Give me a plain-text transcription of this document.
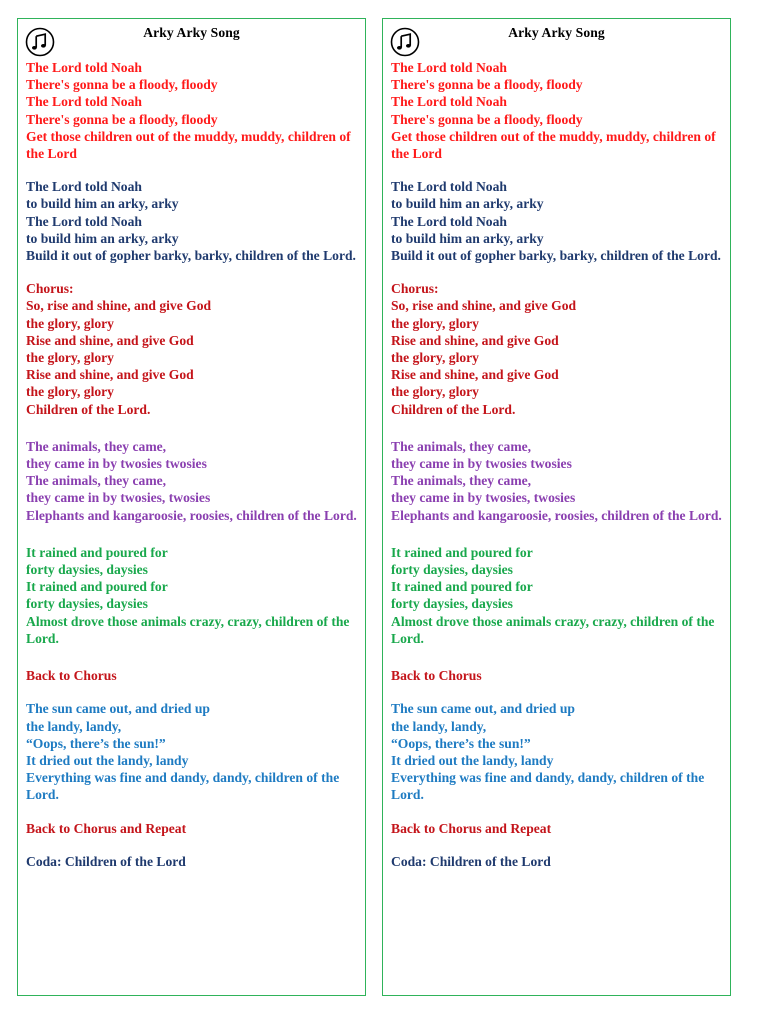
Arky Arky Song
The Lord told Noah
There's gonna be a floody, floody
The Lord told Noah
There's gonna be a floody, floody
Get those children out of the muddy, muddy, children of the Lord
The Lord told Noah
to build him an arky, arky
The Lord told Noah
to build him an arky, arky
Build it out of gopher barky, barky, children of the Lord.
Chorus:
So, rise and shine, and give God
the glory, glory
Rise and shine, and give God
the glory, glory
Rise and shine, and give God
the glory, glory
Children of the Lord.
The animals, they came,
they came in by twosies twosies
The animals, they came,
they came in by twosies, twosies
Elephants and kangaroosie, roosies, children of the Lord.
It rained and poured for
forty daysies, daysies
It rained and poured for
forty daysies, daysies
Almost drove those animals crazy, crazy, children of the Lord.
Back to Chorus
The sun came out, and dried up
the landy, landy,
“Oops, there’s the sun!”
It dried out the landy, landy
Everything was fine and dandy, dandy, children of the Lord.
Back to Chorus and Repeat
Coda: Children of the Lord
Arky Arky Song
The Lord told Noah
There's gonna be a floody, floody
The Lord told Noah
There's gonna be a floody, floody
Get those children out of the muddy, muddy, children of the Lord
The Lord told Noah
to build him an arky, arky
The Lord told Noah
to build him an arky, arky
Build it out of gopher barky, barky, children of the Lord.
Chorus:
So, rise and shine, and give God
the glory, glory
Rise and shine, and give God
the glory, glory
Rise and shine, and give God
the glory, glory
Children of the Lord.
The animals, they came,
they came in by twosies twosies
The animals, they came,
they came in by twosies, twosies
Elephants and kangaroosie, roosies, children of the Lord.
It rained and poured for
forty daysies, daysies
It rained and poured for
forty daysies, daysies
Almost drove those animals crazy, crazy, children of the Lord.
Back to Chorus
The sun came out, and dried up
the landy, landy,
“Oops, there’s the sun!”
It dried out the landy, landy
Everything was fine and dandy, dandy, children of the Lord.
Back to Chorus and Repeat
Coda: Children of the Lord
